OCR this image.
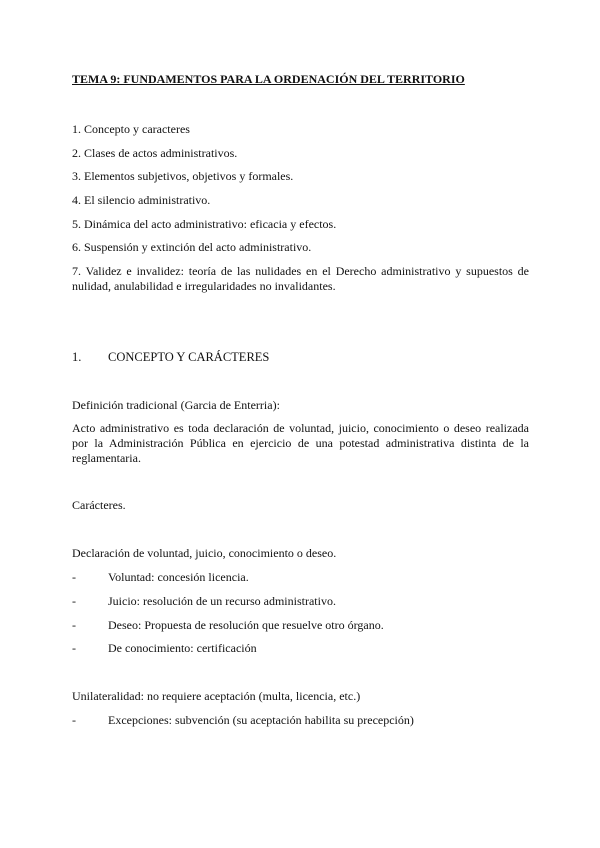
TEMA 9: FUNDAMENTOS PARA LA ORDENACIÓN DEL TERRITORIO
1. Concepto y caracteres
2. Clases de actos administrativos.
3. Elementos subjetivos, objetivos y formales.
4. El silencio administrativo.
5. Dinámica del acto administrativo: eficacia y efectos.
6. Suspensión y extinción del acto administrativo.
7. Validez e invalidez: teoría de las nulidades en el Derecho administrativo y supuestos de nulidad, anulabilidad e irregularidades no invalidantes.
1. CONCEPTO Y CARÁCTERES
Definición tradicional (Garcia de Enterria):
Acto administrativo es toda declaración de voluntad, juicio, conocimiento o deseo realizada por la Administración Pública en ejercicio de una potestad administrativa distinta de la reglamentaria.
Carácteres.
Declaración de voluntad, juicio, conocimiento o deseo.
-	Voluntad: concesión licencia.
-	Juicio: resolución de un recurso administrativo.
-	Deseo: Propuesta de resolución que resuelve otro órgano.
-	De conocimiento: certificación
Unilateralidad: no requiere aceptación (multa, licencia, etc.)
-	Excepciones: subvención (su aceptación habilita su precepción)
